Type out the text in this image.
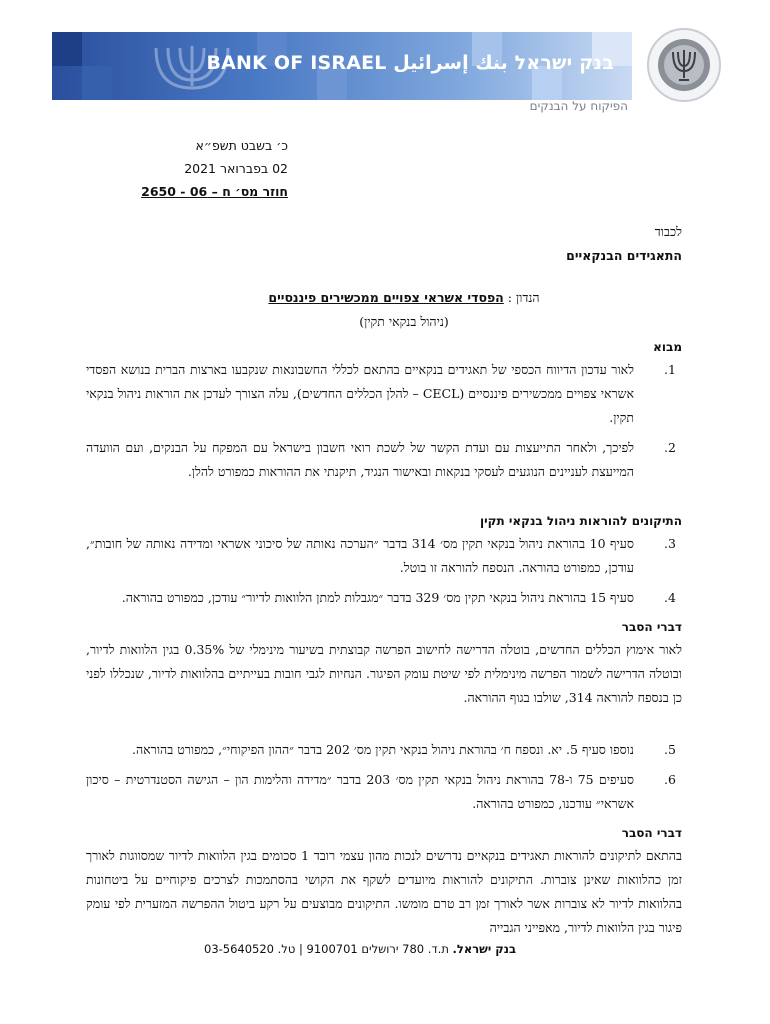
בנק ישראל بنك إسرائيل BANK OF ISRAEL
הפיקוח על הבנקים
כ׳ בשבט תשפ״א
02 בפברואר 2021
חוזר מס׳ ח – 06 - 2650
לכבוד
התאגידים הבנקאיים
הנדון : הפסדי אשראי צפויים ממכשירים פיננסיים
(ניהול בנקאי תקין)
מבוא
1.
לאור עדכון הדיווח הכספי של תאגידים בנקאיים בהתאם לכללי החשבונאות שנקבעו בארצות הברית בנושא הפסדי אשראי צפויים ממכשירים פיננסיים (CECL – להלן הכללים החדשים), עלה הצורך לעדכן את הוראות ניהול בנקאי תקין.
2.
לפיכך, ולאחר התייעצות עם ועדת הקשר של לשכת רואי חשבון בישראל עם המפקח על הבנקים, ועם הוועדה המייעצת לעניינים הנוגעים לעסקי בנקאות ובאישור הנגיד, תיקנתי את ההוראות כמפורט להלן.
התיקונים להוראות ניהול בנקאי תקין
3.
סעיף 10 בהוראת ניהול בנקאי תקין מס׳ 314 בדבר ״הערכה נאותה של סיכוני אשראי ומדידה נאותה של חובות״, עודכן, כמפורט בהוראה. הנספח להוראה זו בוטל.
4.
סעיף 15 בהוראת ניהול בנקאי תקין מס׳ 329 בדבר ״מגבלות למתן הלוואות לדיור״ עודכן, כמפורט בהוראה.
דברי הסבר
לאור אימוץ הכללים החדשים, בוטלה הדרישה לחישוב הפרשה קבוצתית בשיעור מינימלי של 0.35% בגין הלוואות לדיור, ובוטלה הדרישה לשמור הפרשה מינימלית לפי שיטת עומק הפיגור. הנחיות לגבי חובות בעייתיים בהלוואות לדיור, שנכללו לפני כן בנספח להוראה 314, שולבו בגוף ההוראה.
5.
נוספו סעיף 5. יא. ונספח ח׳ בהוראת ניהול בנקאי תקין מס׳ 202 בדבר ״ההון הפיקוחי״, כמפורט בהוראה.
6.
סעיפים 75 ו-78 בהוראת ניהול בנקאי תקין מס׳ 203 בדבר ״מדידה והלימות הון – הגישה הסטנדרטית – סיכון אשראי״ עודכנו, כמפורט בהוראה.
דברי הסבר
בהתאם לתיקונים להוראות תאגידים בנקאיים נדרשים לנכות מהון עצמי רובד 1 סכומים בגין הלוואות לדיור שמסווגות לאורך זמן כהלוואות שאינן צוברות. התיקונים להוראות מיועדים לשקף את הקושי בהסתמכות לצרכים פיקוחיים על ביטחונות בהלוואות לדיור לא צוברות אשר לאורך זמן רב טרם מומשו. התיקונים מבוצעים על רקע ביטול ההפרשה המזערית לפי עומק פיגור בגין הלוואות לדיור, מאפייני הגבייה
בנק ישראל. ת.ד. 780 ירושלים 9100701 | טל. 03-5640520
